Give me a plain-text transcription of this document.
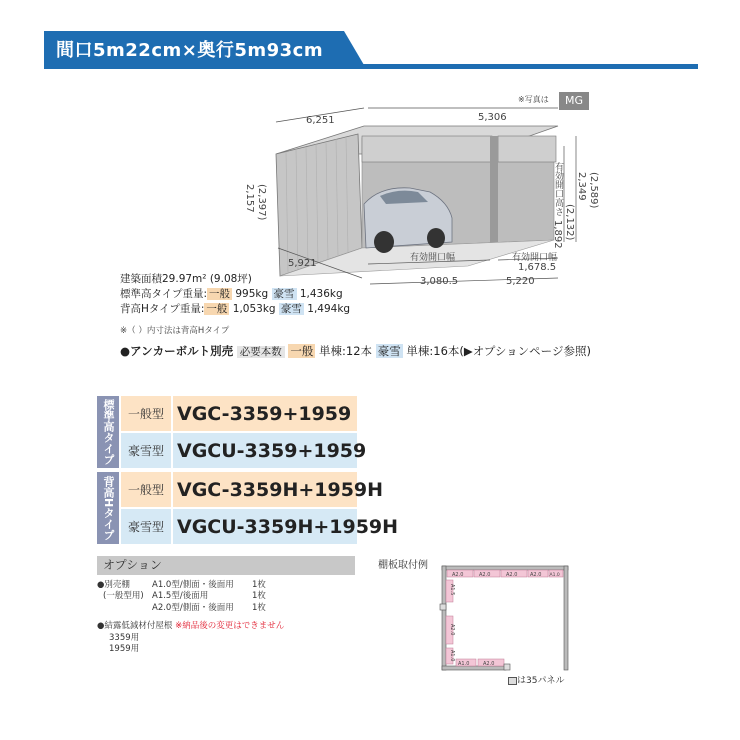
間口5m22cm×奥行5m93cm
※写真は	MG
6,251	5,306
2,157 (2,397)	有効開口高さ
1,892 (2,132)
2,349 (2,589)
5,921	有効開口幅
3,080.5
有効開口幅
1,678.5
5,220
建築面積29.97m² (9.08坪)
標準高タイプ重量: 一般 995kg 豪雪 1,436kg
背高Hタイプ重量: 一般 1,053kg 豪雪 1,494kg
※（ ）内寸法は背高Hタイプ
●アンカーボルト別売 必要本数 一般 単棟:12本 豪雪 単棟:16本(▶オプションページ参照)
標準高タイプ
背高Hタイプ
一般型 VGC-3359+1959
豪雪型 VGCU-3359+1959
一般型 VGC-3359H+1959H
豪雪型 VGCU-3359H+1959H
オプション
●別売棚
(一般型用)
A1.0型/側面・後面用 1枚
A1.5型/後面用	1枚
A2.0型/側面・後面用 1枚
●結露低減材付屋根 ※納品後の変更はできません
3359用
1959用
棚板取付例
A2.0	A2.0	A2.0	A2.0 A1.0
A1.5
A2.0
A1.0
A1.0	A2.0
は35パネル
